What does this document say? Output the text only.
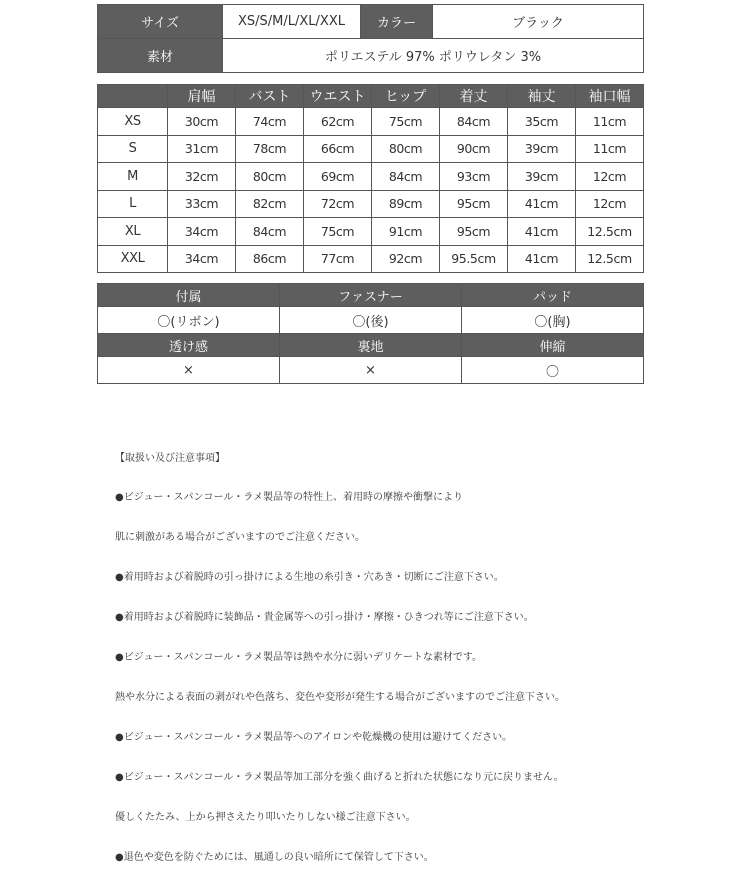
サイズ	XS/S/M/L/XL/XXL	カラー	ブラック
素材	ポリエステル 97% ポリウレタン 3%		
	肩幅	バスト	ウエスト	ヒップ	着丈	袖丈	袖口幅
XS	30cm	74cm	62cm	75cm	84cm	35cm	11cm
S	31cm	78cm	66cm	80cm	90cm	39cm	11cm
M	32cm	80cm	69cm	84cm	93cm	39cm	12cm
L	33cm	82cm	72cm	89cm	95cm	41cm	12cm
XL	34cm	84cm	75cm	91cm	95cm	41cm	12.5cm
XXL	34cm	86cm	77cm	92cm	95.5cm	41cm	12.5cm
付属	ファスナー	パッド
〇(リボン)	〇(後)	〇(胸)
透け感	裏地	伸縮
×	×	〇

【取扱い及び注意事項】

●ビジュー・スパンコール・ラメ製品等の特性上、着用時の摩擦や衝撃により

肌に刺激がある場合がございますのでご注意ください。

●着用時および着脱時の引っ掛けによる生地の糸引き・穴あき・切断にご注意下さい。

●着用時および着脱時に装飾品・貴金属等への引っ掛け・摩擦・ひきつれ等にご注意下さい。

●ビジュー・スパンコール・ラメ製品等は熱や水分に弱いデリケートな素材です。

熱や水分による表面の剥がれや色落ち、変色や変形が発生する場合がございますのでご注意下さい。

●ビジュー・スパンコール・ラメ製品等へのアイロンや乾燥機の使用は避けてください。

●ビジュー・スパンコール・ラメ製品等加工部分を強く曲げると折れた状態になり元に戻りません。

優しくたたみ、上から押さえたり叩いたりしない様ご注意下さい。

●退色や変色を防ぐためには、風通しの良い暗所にて保管して下さい。
